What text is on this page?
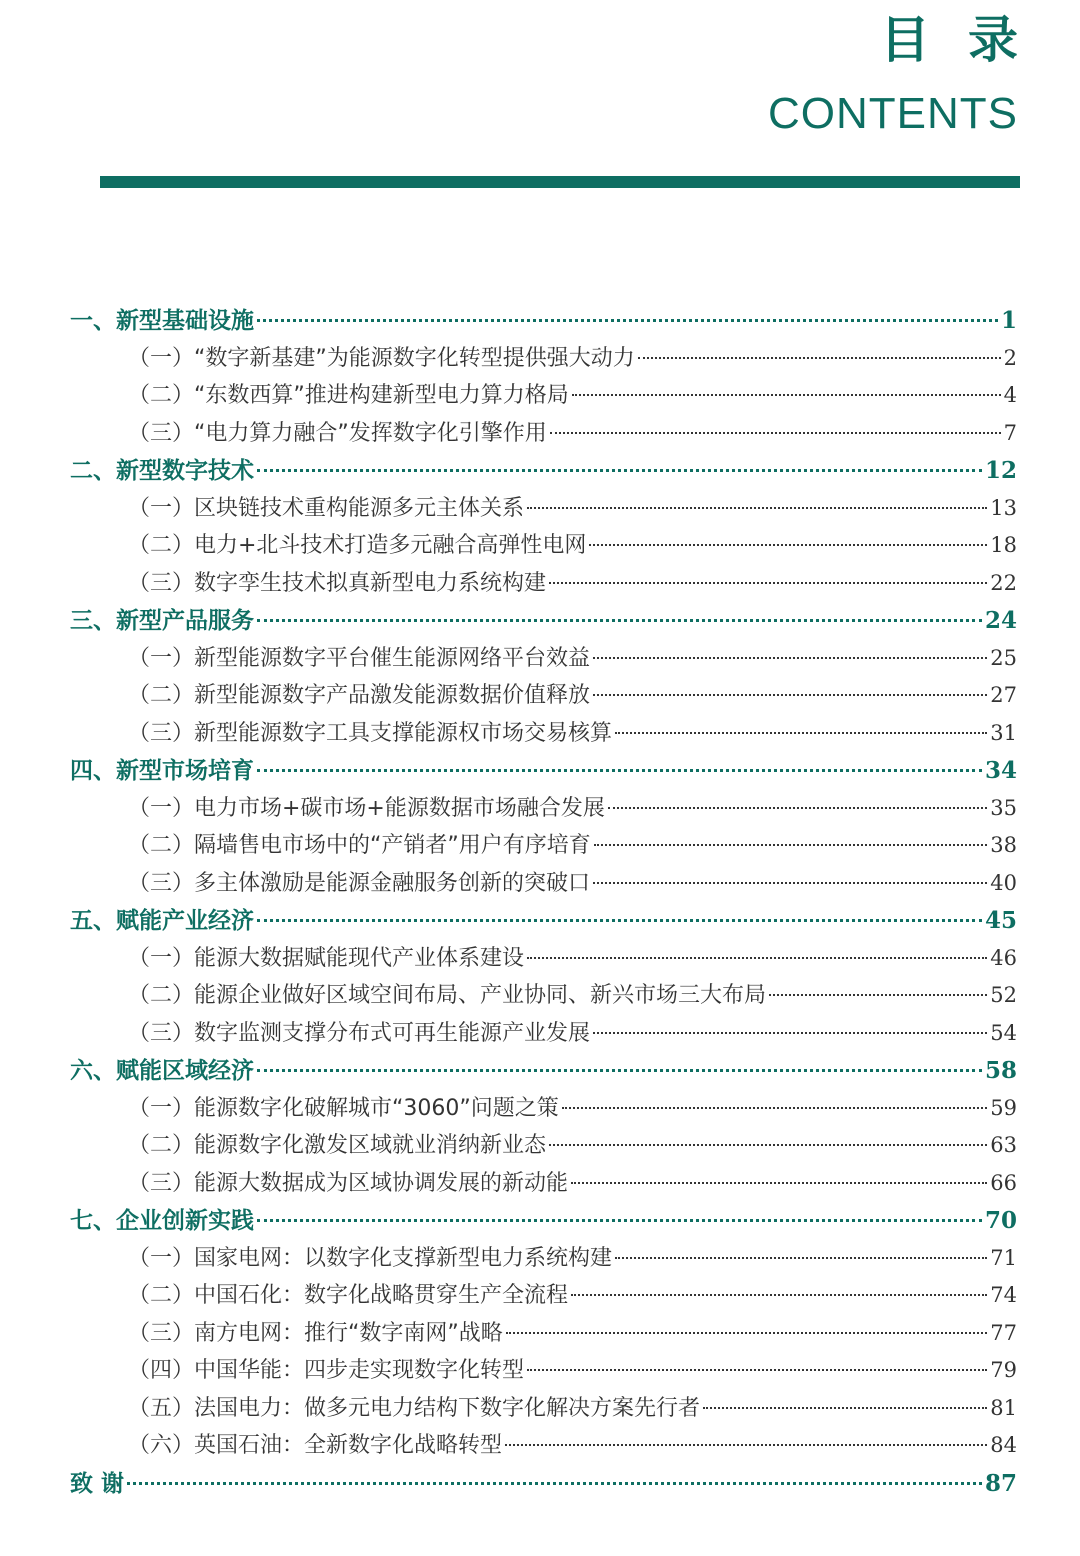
目录
CONTENTS
一、新型基础设施	1
（一）“数字新基建”为能源数字化转型提供强大动力	2
（二）“东数西算”推进构建新型电力算力格局	4
（三）“电力算力融合”发挥数字化引擎作用	7
二、新型数字技术	12
（一）区块链技术重构能源多元主体关系	13
（二）电力+北斗技术打造多元融合高弹性电网	18
（三）数字孪生技术拟真新型电力系统构建	22
三、新型产品服务	24
（一）新型能源数字平台催生能源网络平台效益	25
（二）新型能源数字产品激发能源数据价值释放	27
（三）新型能源数字工具支撑能源权市场交易核算	31
四、新型市场培育	34
（一）电力市场+碳市场+能源数据市场融合发展	35
（二）隔墙售电市场中的“产销者”用户有序培育	38
（三）多主体激励是能源金融服务创新的突破口	40
五、赋能产业经济	45
（一）能源大数据赋能现代产业体系建设	46
（二）能源企业做好区域空间布局、产业协同、新兴市场三大布局	52
（三）数字监测支撑分布式可再生能源产业发展	54
六、赋能区域经济	58
（一）能源数字化破解城市“3060”问题之策	59
（二）能源数字化激发区域就业消纳新业态	63
（三）能源大数据成为区域协调发展的新动能	66
七、企业创新实践	70
（一）国家电网：以数字化支撑新型电力系统构建	71
（二）中国石化：数字化战略贯穿生产全流程	74
（三）南方电网：推行“数字南网”战略	77
（四）中国华能：四步走实现数字化转型	79
（五）法国电力：做多元电力结构下数字化解决方案先行者	81
（六）英国石油：全新数字化战略转型	84
致 谢	87
